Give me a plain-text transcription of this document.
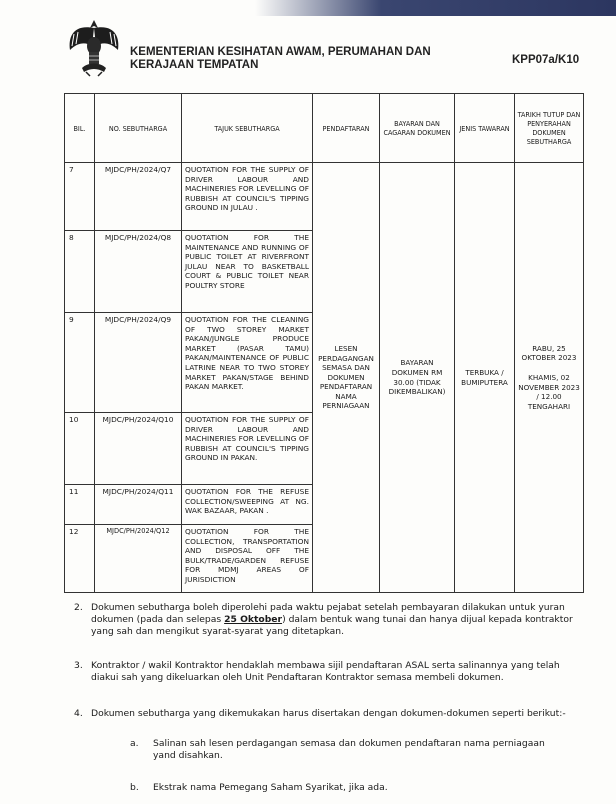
KEMENTERIAN KESIHATAN AWAM, PERUMAHAN DAN
KERAJAAN TEMPATAN	KPP07a/K10
BIL.	NO. SEBUTHARGA	TAJUK SEBUTHARGA	PENDAFTARAN	BAYARAN DAN CAGARAN DOKUMEN	JENIS TAWARAN	TARIKH TUTUP DAN PENYERAHAN DOKUMEN SEBUTHARGA
7	MJDC/PH/2024/Q7	QUOTATION FOR THE SUPPLY OF DRIVER LABOUR AND MACHINERIES FOR LEVELLING OF RUBBISH AT COUNCIL'S TIPPING GROUND IN JULAU .	LESEN PERDAGANGAN SEMASA DAN DOKUMEN PENDAFTARAN NAMA PERNIAGAAN	BAYARAN DOKUMEN RM 30.00 (TIDAK DIKEMBALIKAN)	TERBUKA / BUMIPUTERA	RABU, 25 OKTOBER 2023
KHAMIS, 02 NOVEMBER 2023 / 12.00 TENGAHARI
8	MJDC/PH/2024/Q8	QUOTATION FOR THE MAINTENANCE AND RUNNING OF PUBLIC TOILET AT RIVERFRONT JULAU NEAR TO BASKETBALL COURT & PUBLIC TOILET NEAR POULTRY STORE				
9	MJDC/PH/2024/Q9	QUOTATION FOR THE CLEANING OF TWO STOREY MARKET PAKAN/JUNGLE PRODUCE MARKET (PASAR TAMU) PAKAN/MAINTENANCE OF PUBLIC LATRINE NEAR TO TWO STOREY MARKET PAKAN/STAGE BEHIND PAKAN MARKET.				
10	MJDC/PH/2024/Q10	QUOTATION FOR THE SUPPLY OF DRIVER LABOUR AND MACHINERIES FOR LEVELLING OF RUBBISH AT COUNCIL'S TIPPING GROUND IN PAKAN.				
11	MJDC/PH/2024/Q11	QUOTATION FOR THE REFUSE COLLECTION/SWEEPING AT NG. WAK BAZAAR, PAKAN .				
12	MJDC/PH/2024/Q12	QUOTATION FOR THE COLLECTION, TRANSPORTATION AND DISPOSAL OFF THE BULK/TRADE/GARDEN REFUSE FOR MDMJ AREAS OF JURISDICTION				
2. Dokumen sebutharga boleh diperolehi pada waktu pejabat setelah pembayaran dilakukan untuk yuran dokumen (pada dan selepas 25 Oktober) dalam bentuk wang tunai dan hanya dijual kepada kontraktor yang sah dan mengikut syarat-syarat yang ditetapkan.
3. Kontraktor / wakil Kontraktor hendaklah membawa sijil pendaftaran ASAL serta salinannya yang telah diakui sah yang dikeluarkan oleh Unit Pendaftaran Kontraktor semasa membeli dokumen.
4. Dokumen sebutharga yang dikemukakan harus disertakan dengan dokumen-dokumen seperti berikut:-
a.	Salinan sah lesen perdagangan semasa dan dokumen pendaftaran nama perniagaan yand disahkan.
b.	Ekstrak nama Pemegang Saham Syarikat, jika ada.
